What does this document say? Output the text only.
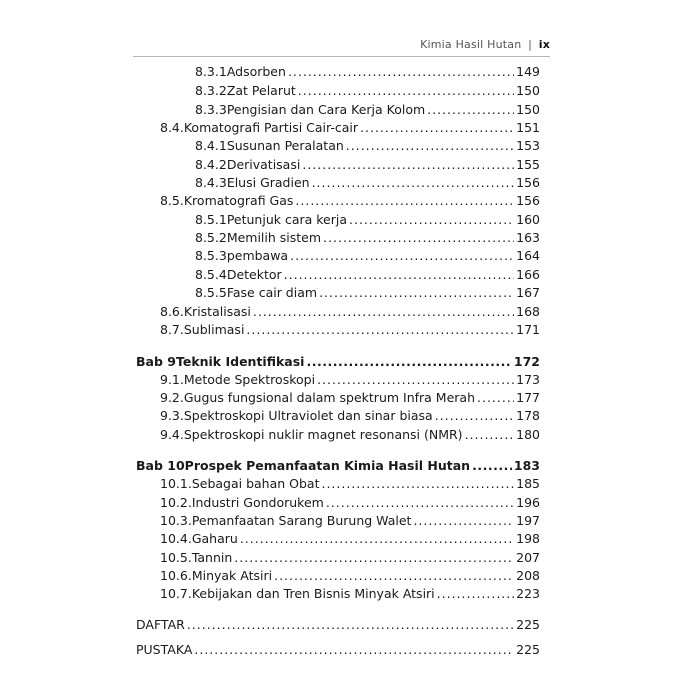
Kimia Hasil Hutan | ix
8.3.1 Adsorben .....	149
8.3.2 Zat Pelarut .....	150
8.3.3 Pengisian dan Cara Kerja Kolom .....	150
8.4. Komatografi Partisi Cair-cair .....	151
8.4.1 Susunan Peralatan .....	153
8.4.2 Derivatisasi .....	155
8.4.3 Elusi Gradien .....	156
8.5. Kromatografi Gas .....	156
8.5.1 Petunjuk cara kerja .....	160
8.5.2 Memilih sistem .....	163
8.5.3 pembawa .....	164
8.5.4 Detektor .....	166
8.5.5 Fase cair diam .....	167
8.6. Kristalisasi .....	168
8.7. Sublimasi .....	171
Bab 9 Teknik Identifikasi .....	172
9.1. Metode Spektroskopi .....	173
9.2. Gugus fungsional dalam spektrum Infra Merah .....	177
9.3. Spektroskopi Ultraviolet dan sinar biasa .....	178
9.4. Spektroskopi nuklir magnet resonansi (NMR) .....	180
Bab 10 Prospek Pemanfaatan Kimia Hasil Hutan .....	183
10.1. Sebagai bahan Obat .....	185
10.2. Industri Gondorukem .....	196
10.3. Pemanfaatan Sarang Burung Walet .....	197
10.4. Gaharu .....	198
10.5. Tannin .....	207
10.6. Minyak Atsiri .....	208
10.7. Kebijakan dan Tren Bisnis Minyak Atsiri .....	223
DAFTAR .....	225
PUSTAKA .....	225
